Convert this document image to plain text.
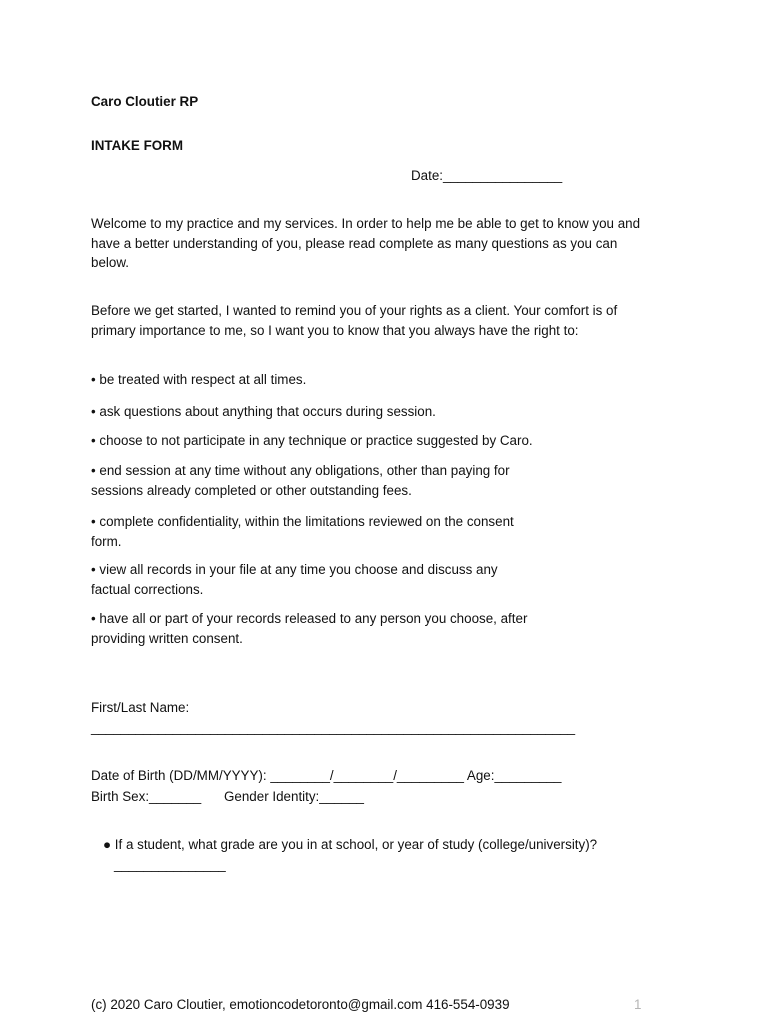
Caro Cloutier RP

INTAKE FORM

Date:________________

Welcome to my practice and my services. In order to help me be able to get to know you and
have a better understanding of you, please read complete as many questions as you can
below.

Before we get started, I wanted to remind you of your rights as a client. Your comfort is of
primary importance to me, so I want you to know that you always have the right to:

• be treated with respect at all times.

• ask questions about anything that occurs during session.

• choose to not participate in any technique or practice suggested by Caro.

• end session at any time without any obligations, other than paying for
sessions already completed or other outstanding fees.

• complete confidentiality, within the limitations reviewed on the consent
form.

• view all records in your file at any time you choose and discuss any
factual corrections.

• have all or part of your records released to any person you choose, after
providing written consent.

First/Last Name:

_________________________________________________________________

Date of Birth (DD/MM/YYYY): ________/________/_________ Age:_________

Birth Sex:_______ Gender Identity:______

● If a student, what grade are you in at school, or year of study (college/university)?

_______________

(c) 2020 Caro Cloutier, emotioncodetoronto@gmail.com 416-554-0939	1
